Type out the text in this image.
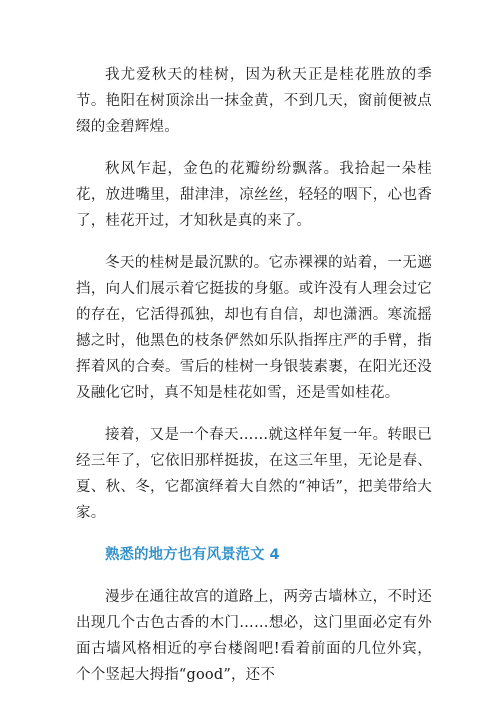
我尤爱秋天的桂树，因为秋天正是桂花胜放的季节。艳阳在树顶涂出一抹金黄，不到几天，窗前便被点缀的金碧辉煌。

秋风乍起，金色的花瓣纷纷飘落。我拾起一朵桂花，放进嘴里，甜津津，凉丝丝，轻轻的咽下，心也香了，桂花开过，才知秋是真的来了。

冬天的桂树是最沉默的。它赤裸裸的站着，一无遮挡，向人们展示着它挺拔的身躯。或许没有人理会过它的存在，它活得孤独，却也有自信，却也潇洒。寒流摇撼之时，他黑色的枝条俨然如乐队指挥庄严的手臂，指挥着风的合奏。雪后的桂树一身银装素裹，在阳光还没及融化它时，真不知是桂花如雪，还是雪如桂花。

接着，又是一个春天……就这样年复一年。转眼已经三年了，它依旧那样挺拔，在这三年里，无论是春、夏、秋、冬，它都演绎着大自然的“神话”，把美带给大家。

熟悉的地方也有风景范文 4

漫步在通往故宫的道路上，两旁古墙林立，不时还出现几个古色古香的木门……想必，这门里面必定有外面古墙风格相近的亭台楼阁吧!看着前面的几位外宾，个个竖起大拇指“good”，还不
